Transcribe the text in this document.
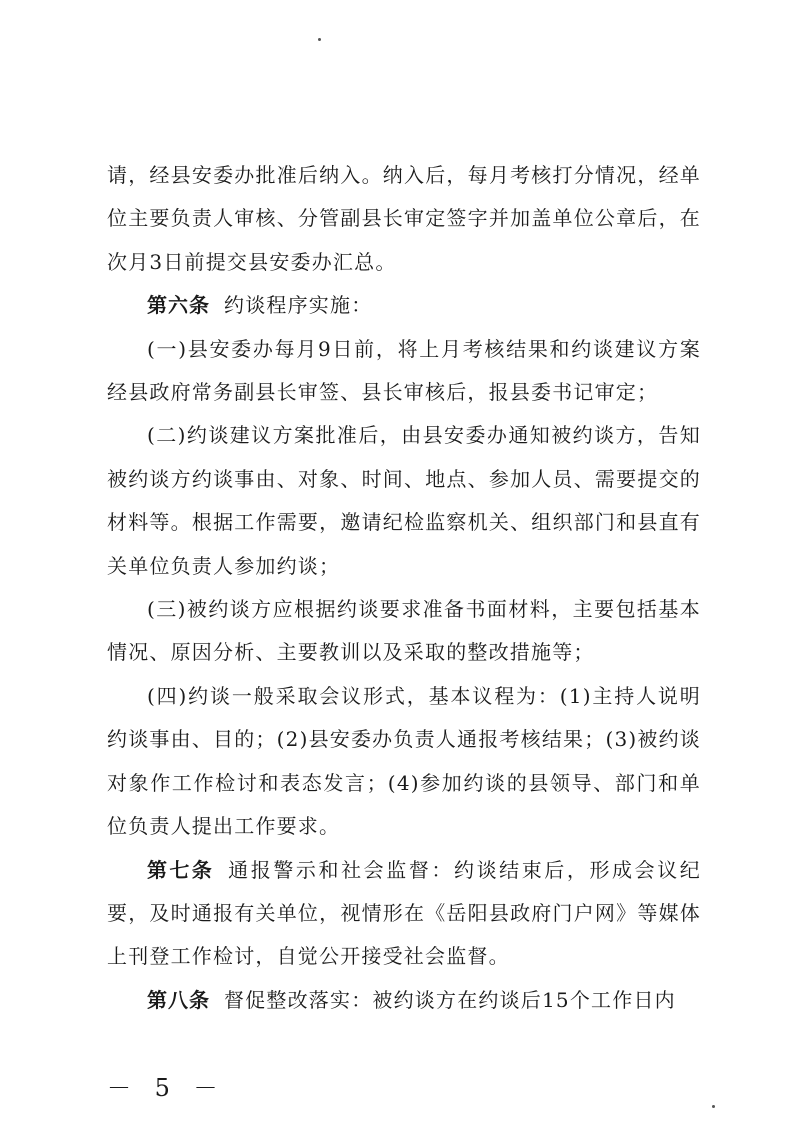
请，经县安委办批准后纳入。纳入后，每月考核打分情况，经单位主要负责人审核、分管副县长审定签字并加盖单位公章后，在次月3日前提交县安委办汇总。

第六条 约谈程序实施：

(一)县安委办每月9日前，将上月考核结果和约谈建议方案经县政府常务副县长审签、县长审核后，报县委书记审定；

(二)约谈建议方案批准后，由县安委办通知被约谈方，告知被约谈方约谈事由、对象、时间、地点、参加人员、需要提交的材料等。根据工作需要，邀请纪检监察机关、组织部门和县直有关单位负责人参加约谈；

(三)被约谈方应根据约谈要求准备书面材料，主要包括基本情况、原因分析、主要教训以及采取的整改措施等；

(四)约谈一般采取会议形式，基本议程为：(1)主持人说明约谈事由、目的；(2)县安委办负责人通报考核结果；(3)被约谈对象作工作检讨和表态发言；(4)参加约谈的县领导、部门和单位负责人提出工作要求。

第七条 通报警示和社会监督：约谈结束后，形成会议纪要，及时通报有关单位，视情形在《岳阳县政府门户网》等媒体上刊登工作检讨，自觉公开接受社会监督。

第八条 督促整改落实：被约谈方在约谈后15个工作日内

－ 5 －
